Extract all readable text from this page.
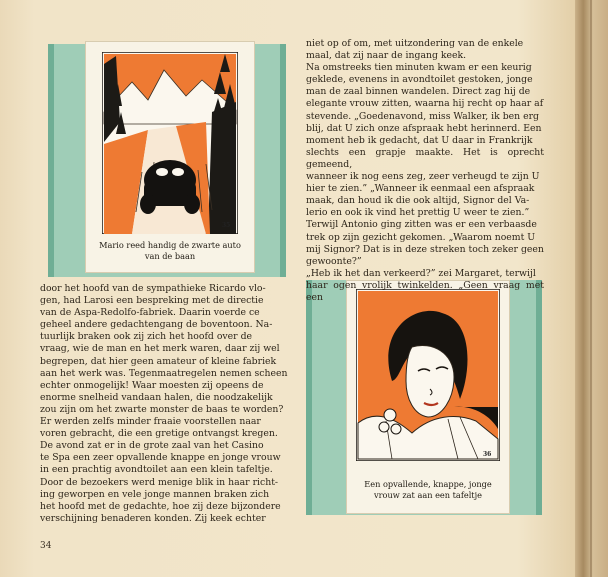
35
Mario reed handig de zwarte auto
van de baan
36
Een opvallende, knappe, jonge
vrouw zat aan een tafeltje

niet op of om, met uitzondering van de enkele

maal, dat zij naar de ingang keek.

Na omstreeks tien minuten kwam er een keurig

geklede, evenens in avondtoilet gestoken, jonge

man de zaal binnen wandelen. Direct zag hij de

elegante vrouw zitten, waarna hij recht op haar af

stevende. „Goedenavond, miss Walker, ik ben erg

blij, dat U zich onze afspraak hebt herinnerd. Een

moment heb ik gedacht, dat U daar in Frankrijk

slechts een grapje maakte. Het is oprecht gemeend,

wanneer ik nog eens zeg, zeer verheugd te zijn U

hier te zien.” „Wanneer ik eenmaal een afspraak

maak, dan houd ik die ook altijd, Signor del Va-

lerio en ook ik vind het prettig U weer te zien.”

Terwijl Antonio ging zitten was er een verbaasde

trek op zijn gezicht gekomen. „Waarom noemt U

mij Signor? Dat is in deze streken toch zeker geen

gewoonte?”

„Heb ik het dan verkeerd?” zei Margaret, terwijl

haar ogen vrolijk twinkelden. „Geen vraag met een

door het hoofd van de sympathieke Ricardo vlo-

gen, had Larosi een bespreking met de directie

van de Aspa-Redolfo-fabriek. Daarin voerde ce

geheel andere gedachtengang de boventoon. Na-

tuurlijk braken ook zij zich het hoofd over de

vraag, wie de man en het merk waren, daar zij wel

begrepen, dat hier geen amateur of kleine fabriek

aan het werk was. Tegenmaatregelen nemen scheen

echter onmogelijk! Waar moesten zij opeens de

enorme snelheid vandaan halen, die noodzakelijk

zou zijn om het zwarte monster de baas te worden?

Er werden zelfs minder fraaie voorstellen naar

voren gebracht, die een gretige ontvangst kregen.

De avond zat er in de grote zaal van het Casino

te Spa een zeer opvallende knappe en jonge vrouw

in een prachtig avondtoilet aan een klein tafeltje.

Door de bezoekers werd menige blik in haar richt-

ing geworpen en vele jonge mannen braken zich

het hoofd met de gedachte, hoe zij deze bijzondere

verschijning benaderen konden. Zij keek echter

34
